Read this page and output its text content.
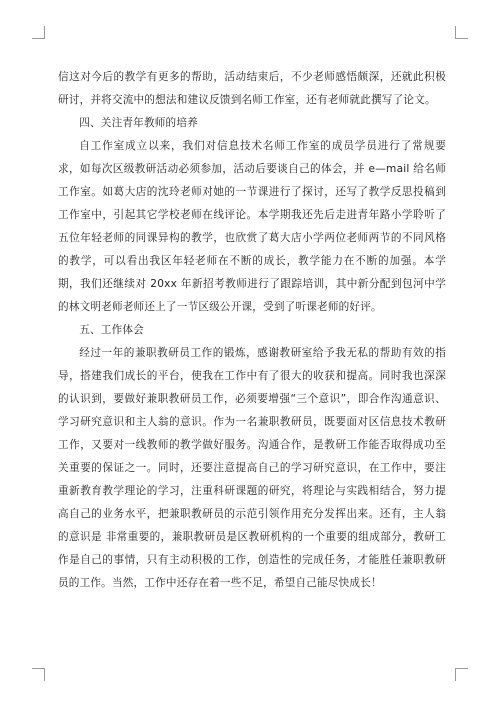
信这对今后的教学有更多的帮助，活动结束后，不少老师感悟颇深，还就此积极研讨，并将交流中的想法和建议反馈到名师工作室，还有老师就此撰写了论文。

四、关注青年教师的培养

自工作室成立以来，我们对信息技术名师工作室的成员学员进行了常规要求，如每次区级教研活动必须参加，活动后要谈自己的体会，并 e—mail 给名师工作室。如葛大店的沈玲老师对她的一节课进行了探讨，还写了教学反思投稿到工作室中，引起其它学校老师在线评论。本学期我还先后走进青年路小学聆听了五位年轻老师的同课异构的教学，也欣赏了葛大店小学两位老师两节的不同风格的教学，可以看出我区年轻老师在不断的成长，教学能力在不断的加强。本学期，我们还继续对 20xx 年新招考教师进行了跟踪培训，其中新分配到包河中学的林文明老师老师还上了一节区级公开课，受到了听课老师的好评。

五、工作体会

经过一年的兼职教研员工作的锻炼，感谢教研室给予我无私的帮助有效的指导，搭建我们成长的平台，使我在工作中有了很大的收获和提高。同时我也深深的认识到，要做好兼职教研员工作，必须要增强“三个意识”，即合作沟通意识、学习研究意识和主人翁的意识。作为一名兼职教研员，既要面对区信息技术教研工作，又要对一线教师的教学做好服务。沟通合作，是教研工作能否取得成功至关重要的保证之一。同时，还要注意提高自己的学习研究意识，在工作中，要注重新教育教学理论的学习，注重科研课题的研究，将理论与实践相结合，努力提高自己的业务水平，把兼职教研员的示范引领作用充分发挥出来。还有，主人翁的意识是 非常重要的，兼职教研员是区教研机构的一个重要的组成部分，教研工作是自己的事情，只有主动积极的工作，创造性的完成任务，才能胜任兼职教研员的工作。当然，工作中还存在着一些不足，希望自己能尽快成长！
